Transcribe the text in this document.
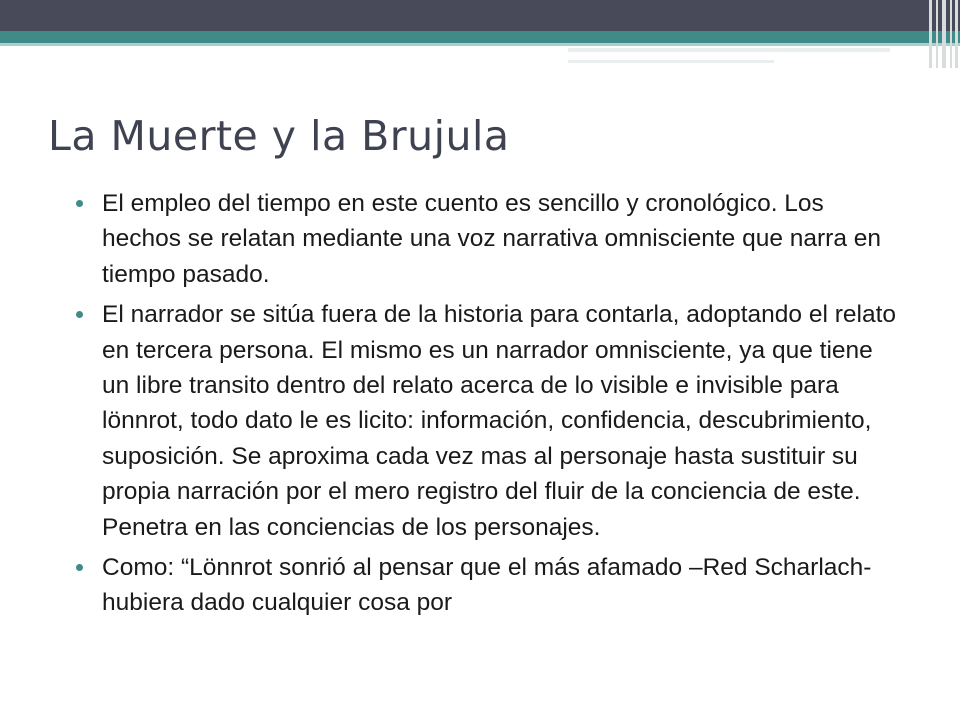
La Muerte y la Brujula
El empleo del tiempo en este cuento es sencillo y cronológico. Los hechos se relatan mediante una voz narrativa omnisciente que narra en tiempo pasado.
El narrador se sitúa fuera de la historia para contarla, adoptando el relato en tercera persona. El mismo es un narrador omnisciente, ya que tiene un libre transito dentro del relato acerca de lo visible e invisible para lönnrot, todo dato le es licito: información, confidencia, descubrimiento, suposición. Se aproxima cada vez mas al personaje hasta sustituir su propia narración por el mero registro del fluir de la conciencia de este. Penetra en las conciencias de los personajes.
Como: “Lönnrot sonrió al pensar que el más afamado –Red Scharlach- hubiera dado cualquier cosa por
